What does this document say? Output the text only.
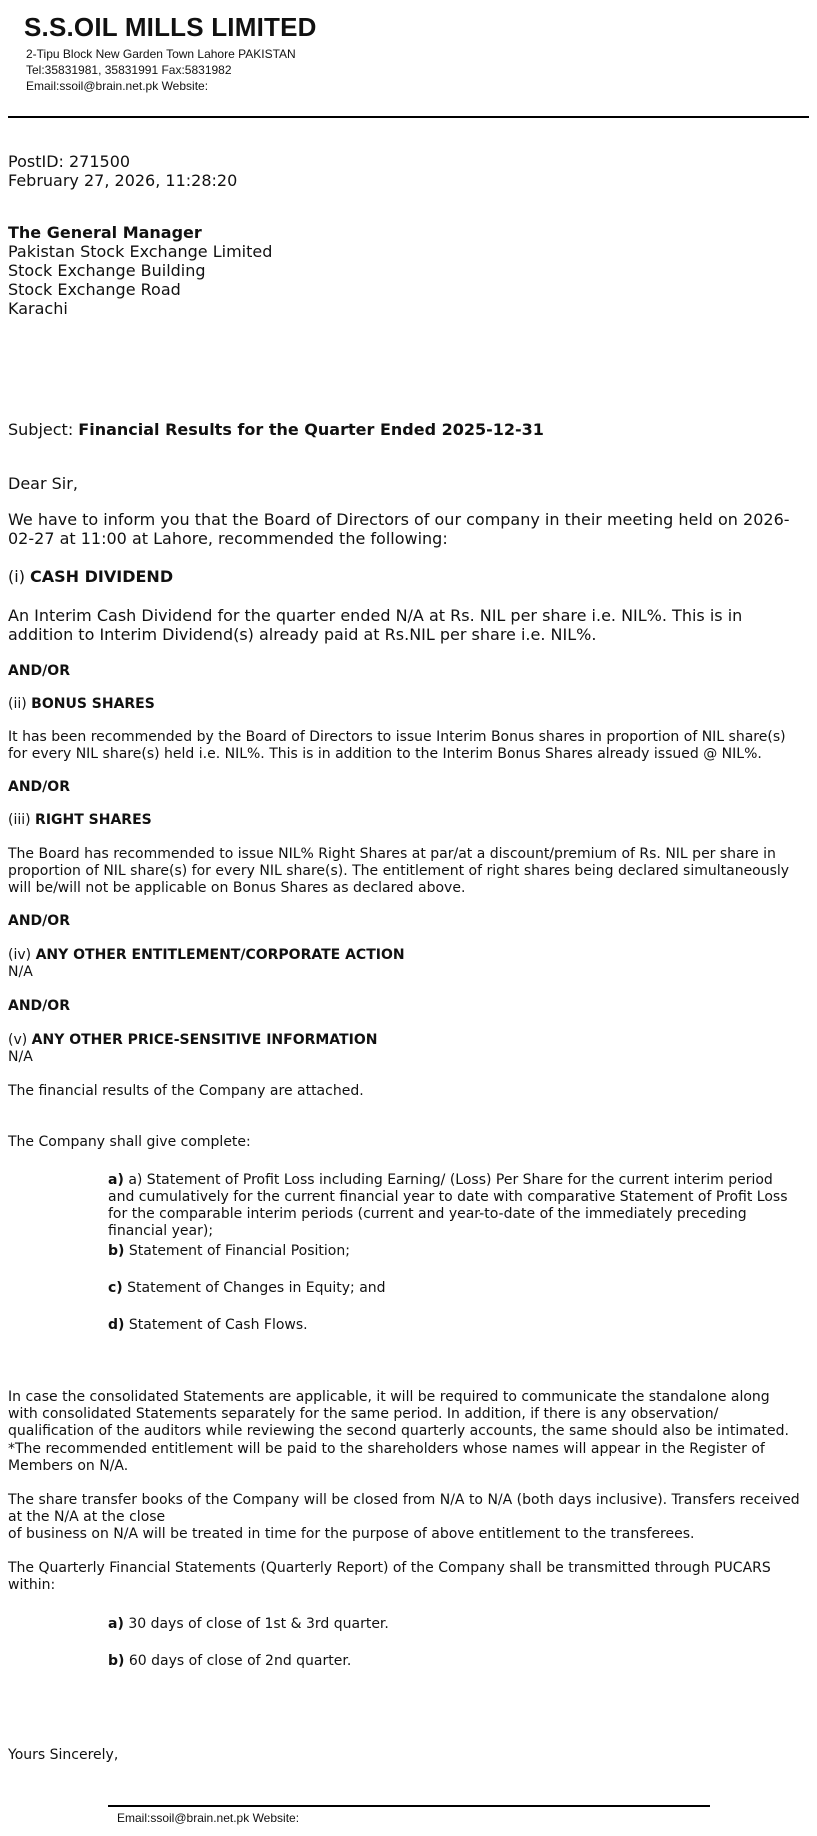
S.S.OIL MILLS LIMITED
2-Tipu Block New Garden Town Lahore PAKISTAN
Tel:35831981, 35831991 Fax:5831982
Email:ssoil@brain.net.pk Website:
PostID: 271500
February 27, 2026, 11:28:20
The General Manager
Pakistan Stock Exchange Limited
Stock Exchange Building
Stock Exchange Road
Karachi
Subject: Financial Results for the Quarter Ended 2025-12-31
Dear Sir,
We have to inform you that the Board of Directors of our company in their meeting held on 2026-02-27 at 11:00 at Lahore, recommended the following:
(i) CASH DIVIDEND
An Interim Cash Dividend for the quarter ended N/A at Rs. NIL per share i.e. NIL%. This is in addition to Interim Dividend(s) already paid at Rs.NIL per share i.e. NIL%.
AND/OR
(ii) BONUS SHARES
It has been recommended by the Board of Directors to issue Interim Bonus shares in proportion of NIL share(s) for every NIL share(s) held i.e. NIL%. This is in addition to the Interim Bonus Shares already issued @ NIL%.
AND/OR
(iii) RIGHT SHARES
The Board has recommended to issue NIL% Right Shares at par/at a discount/premium of Rs. NIL per share in proportion of NIL share(s) for every NIL share(s). The entitlement of right shares being declared simultaneously will be/will not be applicable on Bonus Shares as declared above.
AND/OR
(iv) ANY OTHER ENTITLEMENT/CORPORATE ACTION
N/A
AND/OR
(v) ANY OTHER PRICE-SENSITIVE INFORMATION
N/A
The financial results of the Company are attached.
The Company shall give complete:
a) a) Statement of Profit Loss including Earning/ (Loss) Per Share for the current interim period and cumulatively for the current financial year to date with comparative Statement of Profit Loss for the comparable interim periods (current and year-to-date of the immediately preceding financial year);
b) Statement of Financial Position;
c) Statement of Changes in Equity; and
d) Statement of Cash Flows.
In case the consolidated Statements are applicable, it will be required to communicate the standalone along with consolidated Statements separately for the same period. In addition, if there is any observation/ qualification of the auditors while reviewing the second quarterly accounts, the same should also be intimated.
*The recommended entitlement will be paid to the shareholders whose names will appear in the Register of Members on N/A.
The share transfer books of the Company will be closed from N/A to N/A (both days inclusive). Transfers received at the N/A at the close
of business on N/A will be treated in time for the purpose of above entitlement to the transferees.
The Quarterly Financial Statements (Quarterly Report) of the Company shall be transmitted through PUCARS within:
a) 30 days of close of 1st & 3rd quarter.
b) 60 days of close of 2nd quarter.
Yours Sincerely,
Email:ssoil@brain.net.pk Website:
